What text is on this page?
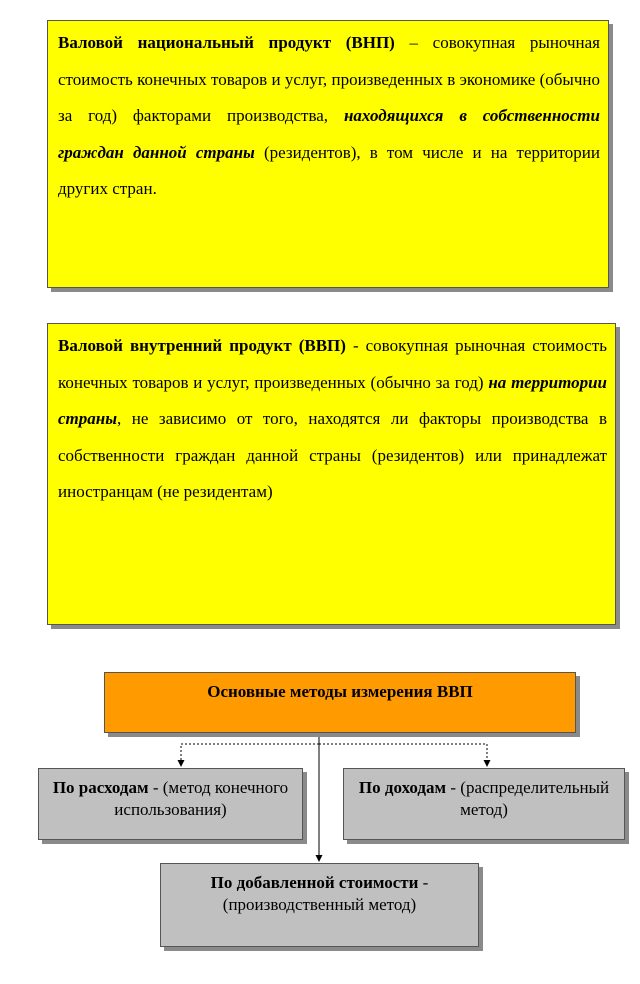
Валовой национальный продукт (ВНП) – совокупная рыночная стоимость конечных товаров и услуг, произведенных в экономике (обычно за год) факторами производства, находящихся в собственности граждан данной страны (резидентов), в том числе и на территории других стран.
Валовой внутренний продукт (ВВП) - совокупная рыночная стоимость конечных товаров и услуг, произведенных (обычно за год) на территории страны, не зависимо от того, находятся ли факторы производства в собственности граждан данной страны (резидентов) или принадлежат иностранцам (не резидентам)
Основные методы измерения ВВП
По расходам - (метод конечного использования)
По доходам - (распределительный метод)
По добавленной стоимости - (производственный метод)
